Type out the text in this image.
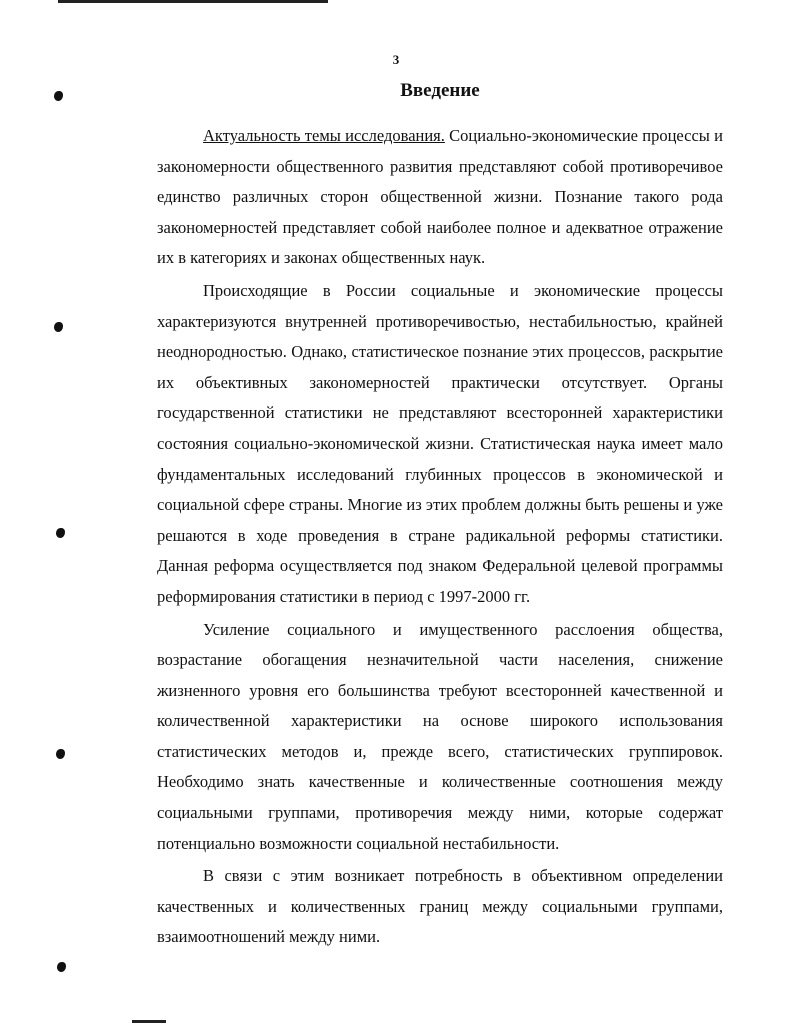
3
Введение

Актуальность темы исследования. Социально-экономические процессы и закономерности общественного развития представляют собой противоречивое единство различных сторон общественной жизни. Познание такого рода закономерностей представляет собой наиболее полное и адекватное отражение их в категориях и законах общественных наук.

Происходящие в России социальные и экономические процессы характеризуются внутренней противоречивостью, нестабильностью, крайней неоднородностью. Однако, статистическое познание этих процессов, раскрытие их объективных закономерностей практически отсутствует. Органы государственной статистики не представляют всесторонней характеристики состояния социально-экономической жизни. Статистическая наука имеет мало фундаментальных исследований глубинных процессов в экономической и социальной сфере страны. Многие из этих проблем должны быть решены и уже решаются в ходе проведения в стране радикальной реформы статистики. Данная реформа осуществляется под знаком Федеральной целевой программы реформирования статистики в период с 1997-2000 гг.

Усиление социального и имущественного расслоения общества, возрастание обогащения незначительной части населения, снижение жизненного уровня его большинства требуют всесторонней качественной и количественной характеристики на основе широкого использования статистических методов и, прежде всего, статистических группировок. Необходимо знать качественные и количественные соотношения между социальными группами, противоречия между ними, которые содержат потенциально возможности социальной нестабильности.

В связи с этим возникает потребность в объективном определении качественных и количественных границ между социальными группами, взаимоотношений между ними.
